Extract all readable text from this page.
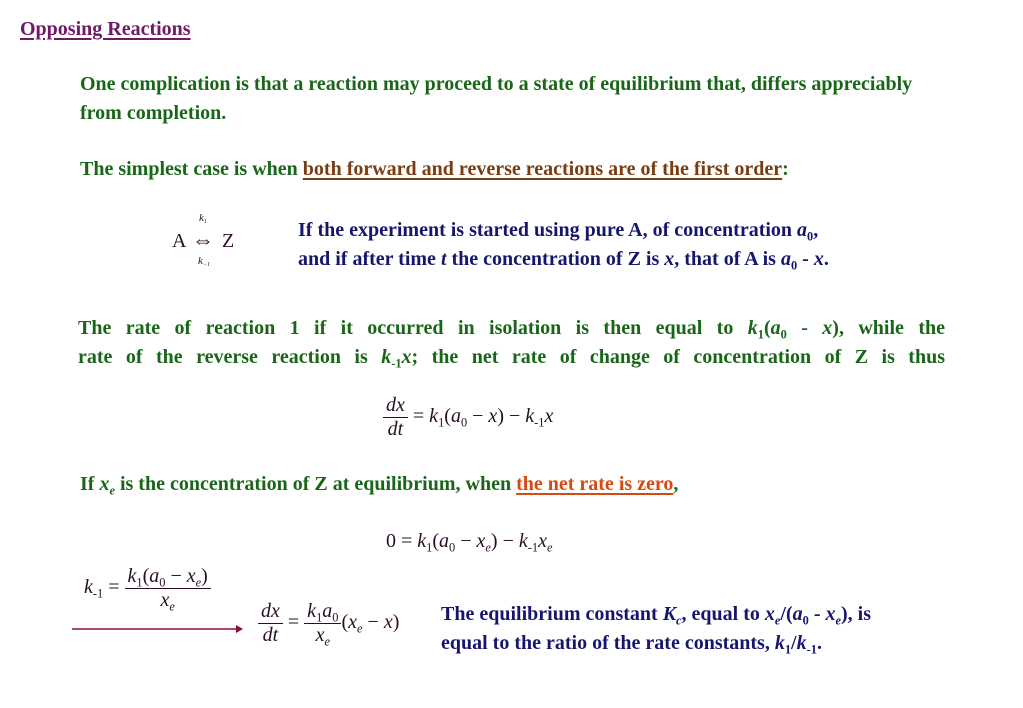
Opposing Reactions
One complication is that a reaction may proceed to a state of equilibrium that, differs appreciably from completion.
The simplest case is when both forward and reverse reactions are of the first order:
A ⇔ Z
$k_1$
$k_{-1}$
If the experiment is started using pure A, of concentration $a_0$,
and if after time t the concentration of Z is x, that of A is $a_0$ - x.
The rate of reaction 1 if it occurred in isolation is then equal to $k_1(a_0 - x)$, while the
rate of the reverse reaction is $k_{-1}x$; the net rate of change of concentration of Z is thus
$\frac{dx}{dt} = k_1(a_0 - x) - k_{-1}x$
If $x_e$ is the concentration of Z at equilibrium, when the net rate is zero,
$0 = k_1(a_0 - x_e) - k_{-1}x_e$
$k_{-1} = \frac{k_1(a_0 - x_e)}{x_e}$
$\frac{dx}{dt} = \frac{k_1a_0}{x_e} (x_e - x)$ The equilibrium constant $K_c$, equal to $x_e/(a_0 - x_e)$, is
equal to the ratio of the rate constants, $k_1/k_{-1}$.
